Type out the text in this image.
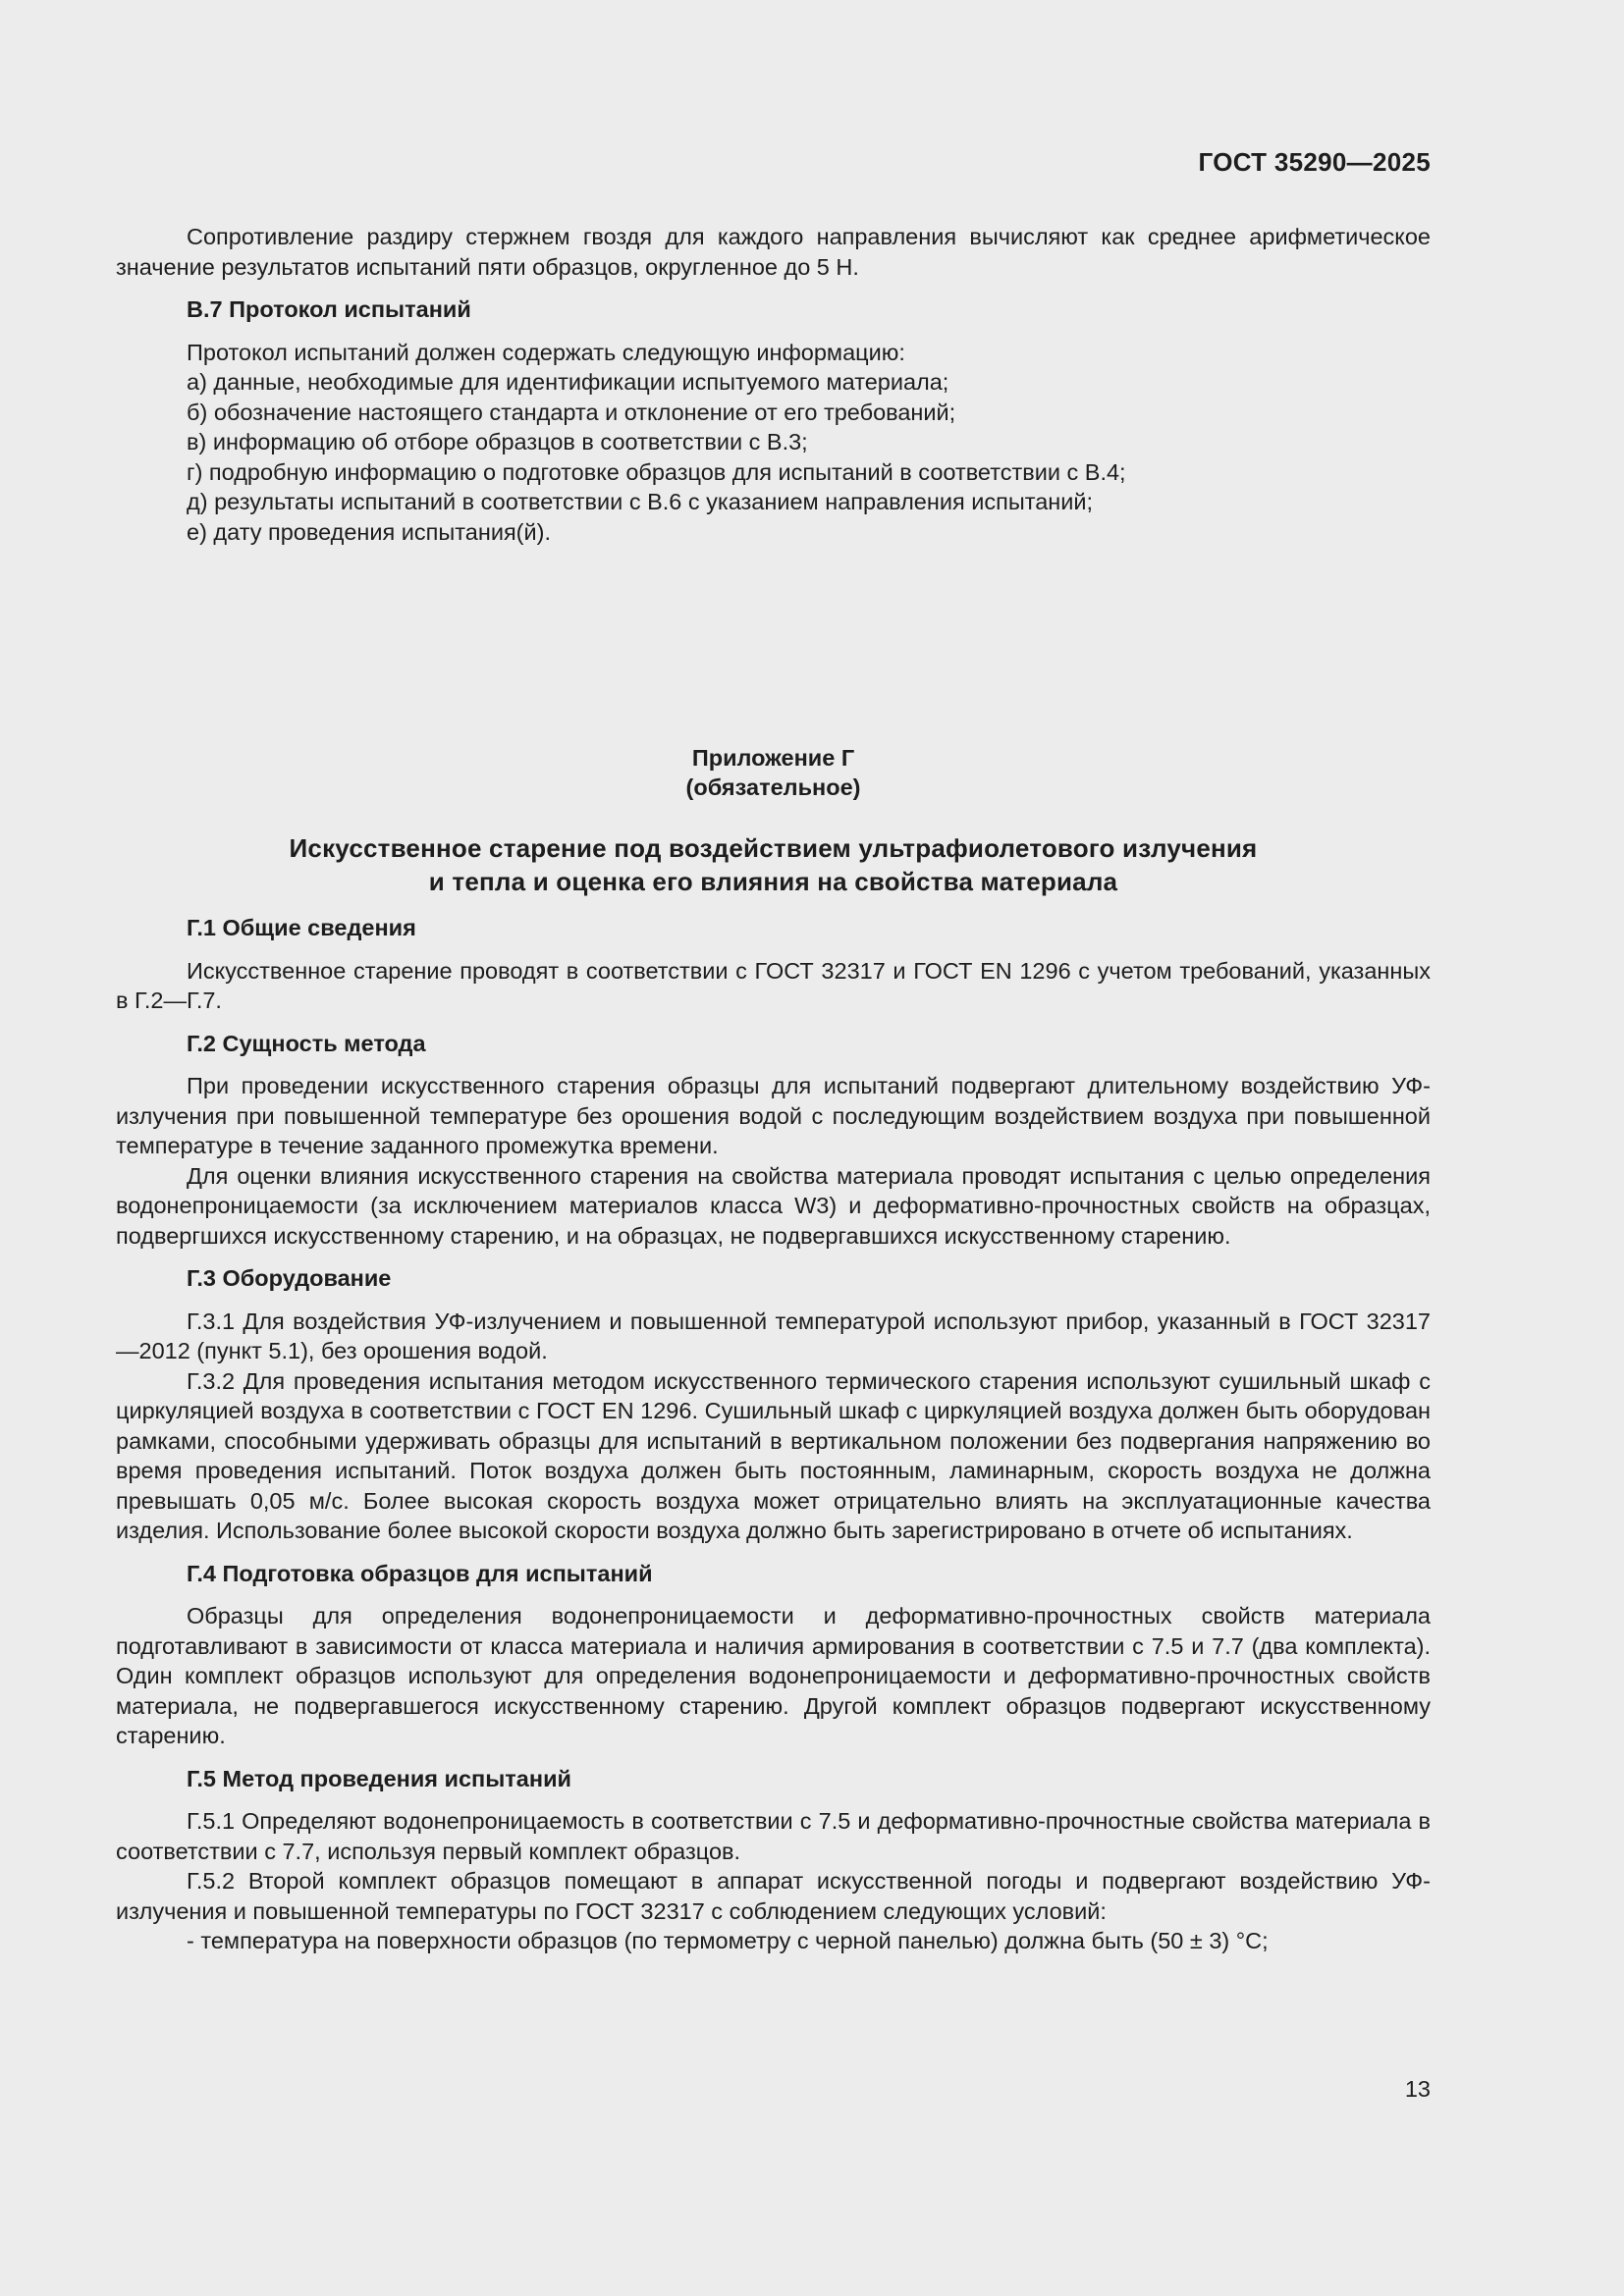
ГОСТ 35290—2025

Сопротивление раздиру стержнем гвоздя для каждого направления вычисляют как среднее арифметическое значение результатов испытаний пяти образцов, округленное до 5 Н.

В.7 Протокол испытаний

Протокол испытаний должен содержать следующую информацию:

а) данные, необходимые для идентификации испытуемого материала;

б) обозначение настоящего стандарта и отклонение от его требований;

в) информацию об отборе образцов в соответствии с В.3;

г) подробную информацию о подготовке образцов для испытаний в соответствии с В.4;

д) результаты испытаний в соответствии с В.6 с указанием направления испытаний;

е) дату проведения испытания(й).

Приложение Г

(обязательное)

Искусственное старение под воздействием ультрафиолетового излучения

и тепла и оценка его влияния на свойства материала

Г.1 Общие сведения

Искусственное старение проводят в соответствии с ГОСТ 32317 и ГОСТ EN 1296 с учетом требований, указанных в Г.2—Г.7.

Г.2 Сущность метода

При проведении искусственного старения образцы для испытаний подвергают длительному воздействию УФ-излучения при повышенной температуре без орошения водой с последующим воздействием воздуха при повышенной температуре в течение заданного промежутка времени.

Для оценки влияния искусственного старения на свойства материала проводят испытания с целью определения водонепроницаемости (за исключением материалов класса W3) и деформативно-прочностных свойств на образцах, подвергшихся искусственному старению, и на образцах, не подвергавшихся искусственному старению.

Г.3 Оборудование

Г.3.1 Для воздействия УФ-излучением и повышенной температурой используют прибор, указанный в ГОСТ 32317—2012 (пункт 5.1), без орошения водой.

Г.3.2 Для проведения испытания методом искусственного термического старения используют сушильный шкаф с циркуляцией воздуха в соответствии с ГОСТ EN 1296. Сушильный шкаф с циркуляцией воздуха должен быть оборудован рамками, способными удерживать образцы для испытаний в вертикальном положении без подвергания напряжению во время проведения испытаний. Поток воздуха должен быть постоянным, ламинарным, скорость воздуха не должна превышать 0,05 м/с. Более высокая скорость воздуха может отрицательно влиять на эксплуатационные качества изделия. Использование более высокой скорости воздуха должно быть зарегистрировано в отчете об испытаниях.

Г.4 Подготовка образцов для испытаний

Образцы для определения водонепроницаемости и деформативно-прочностных свойств материала подготавливают в зависимости от класса материала и наличия армирования в соответствии с 7.5 и 7.7 (два комплекта). Один комплект образцов используют для определения водонепроницаемости и деформативно-прочностных свойств материала, не подвергавшегося искусственному старению. Другой комплект образцов подвергают искусственному старению.

Г.5 Метод проведения испытаний

Г.5.1 Определяют водонепроницаемость в соответствии с 7.5 и деформативно-прочностные свойства материала в соответствии с 7.7, используя первый комплект образцов.

Г.5.2 Второй комплект образцов помещают в аппарат искусственной погоды и подвергают воздействию УФ-излучения и повышенной температуры по ГОСТ 32317 с соблюдением следующих условий:

- температура на поверхности образцов (по термометру с черной панелью) должна быть (50 ± 3) °С;

13
